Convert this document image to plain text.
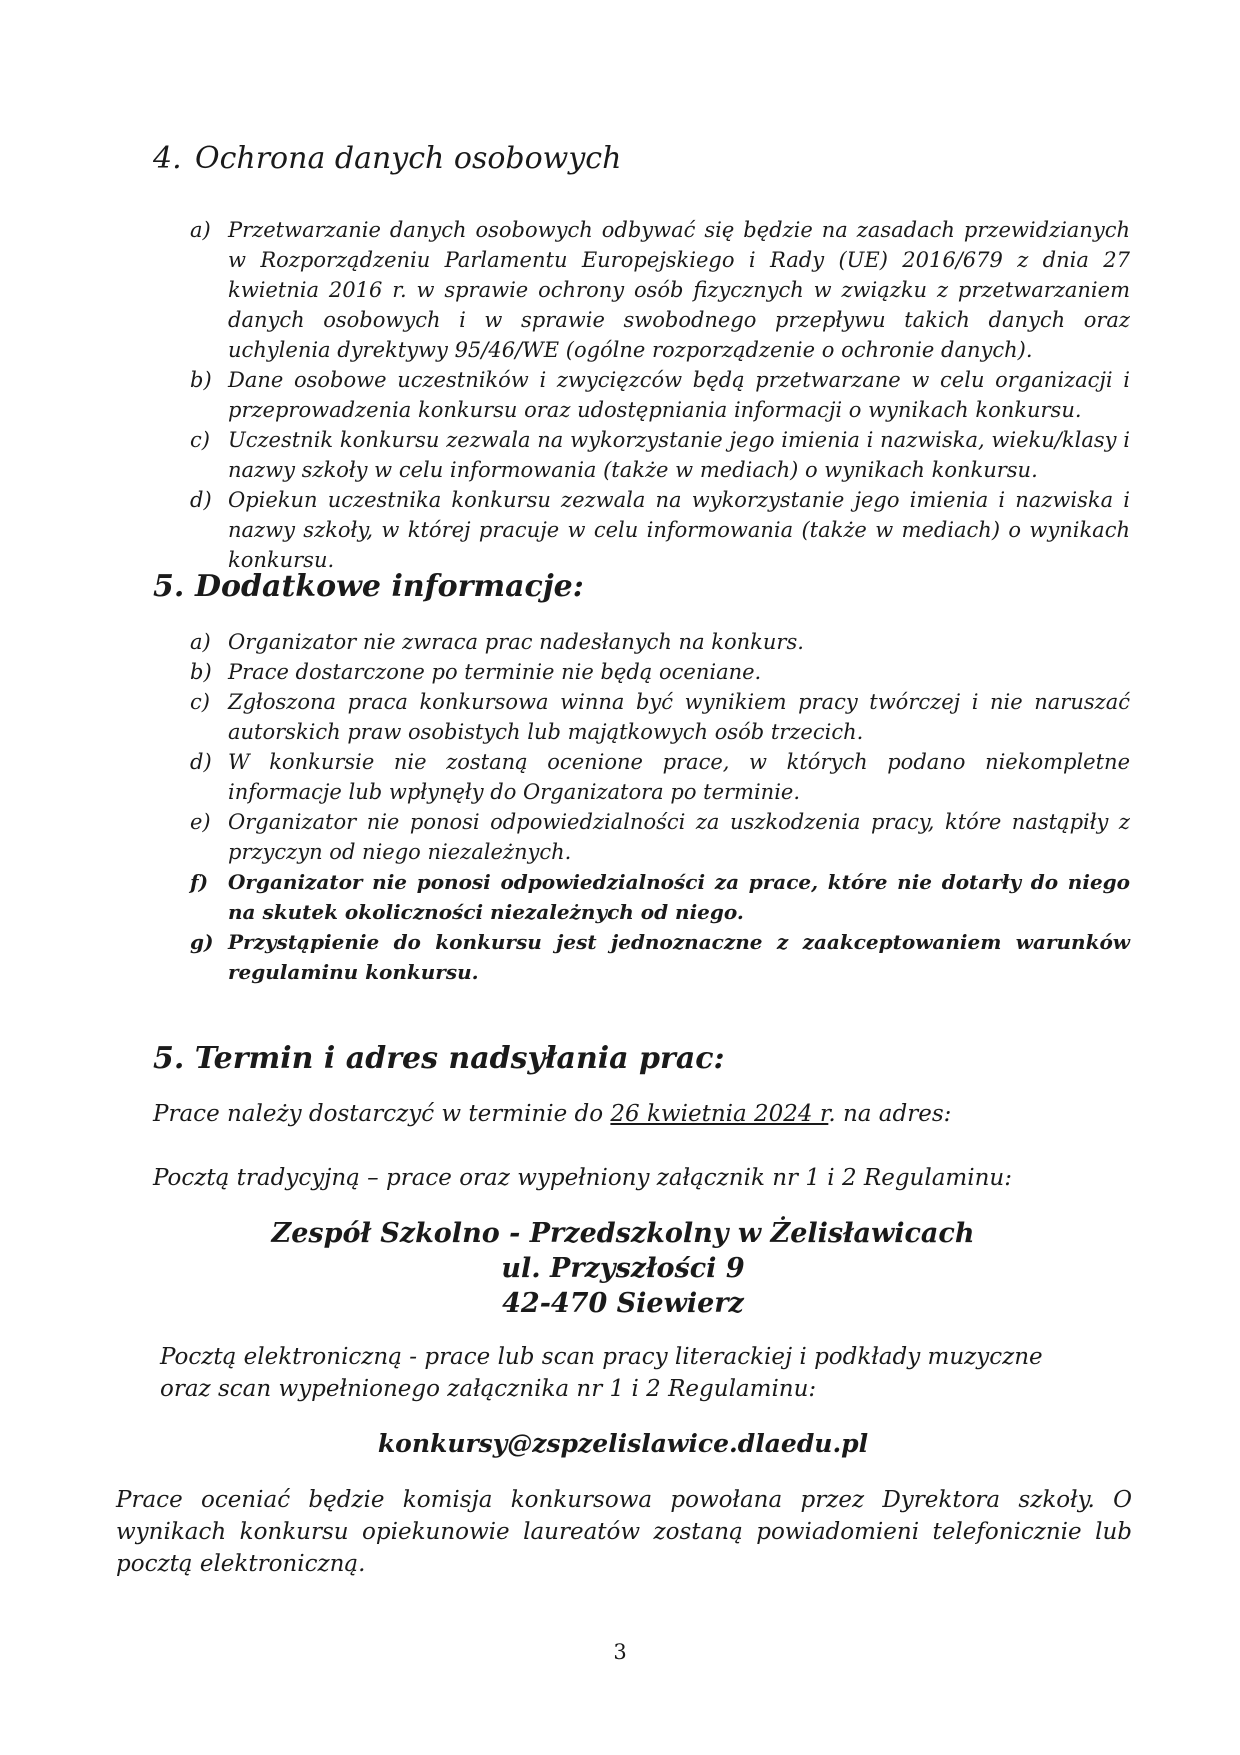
4. Ochrona danych osobowych
a) Przetwarzanie danych osobowych odbywać się będzie na zasadach przewidzianych w Rozporządzeniu Parlamentu Europejskiego i Rady (UE) 2016/679 z dnia 27 kwietnia 2016 r. w sprawie ochrony osób fizycznych w związku z przetwarzaniem danych osobowych i w sprawie swobodnego przepływu takich danych oraz uchylenia dyrektywy 95/46/WE (ogólne rozporządzenie o ochronie danych).
b) Dane osobowe uczestników i zwycięzców będą przetwarzane w celu organizacji i przeprowadzenia konkursu oraz udostępniania informacji o wynikach konkursu.
c) Uczestnik konkursu zezwala na wykorzystanie jego imienia i nazwiska, wieku/klasy i nazwy szkoły w celu informowania (także w mediach) o wynikach konkursu.
d) Opiekun uczestnika konkursu zezwala na wykorzystanie jego imienia i nazwiska i nazwy szkoły, w której pracuje w celu informowania (także w mediach) o wynikach konkursu.
5. Dodatkowe informacje:
a) Organizator nie zwraca prac nadesłanych na konkurs.
b) Prace dostarczone po terminie nie będą oceniane.
c) Zgłoszona praca konkursowa winna być wynikiem pracy twórczej i nie naruszać autorskich praw osobistych lub majątkowych osób trzecich.
d) W konkursie nie zostaną ocenione prace, w których podano niekompletne informacje lub wpłynęły do Organizatora po terminie.
e) Organizator nie ponosi odpowiedzialności za uszkodzenia pracy, które nastąpiły z przyczyn od niego niezależnych.
f) Organizator nie ponosi odpowiedzialności za prace, które nie dotarły do niego na skutek okoliczności niezależnych od niego.
g) Przystąpienie do konkursu jest jednoznaczne z zaakceptowaniem warunków regulaminu konkursu.
5. Termin i adres nadsyłania prac:

Prace należy dostarczyć w terminie do 26 kwietnia 2024 r. na adres:

Pocztą tradycyjną – prace oraz wypełniony załącznik nr 1 i 2 Regulaminu:

Zespół Szkolno - Przedszkolny w Żelisławicach
ul. Przyszłości 9
42-470 Siewierz

Pocztą elektroniczną - prace lub scan pracy literackiej i podkłady muzyczne oraz scan wypełnionego załącznika nr 1 i 2 Regulaminu:

konkursy@zspzelislawice.dlaedu.pl

Prace oceniać będzie komisja konkursowa powołana przez Dyrektora szkoły. O wynikach konkursu opiekunowie laureatów zostaną powiadomieni telefonicznie lub pocztą elektroniczną.

3
